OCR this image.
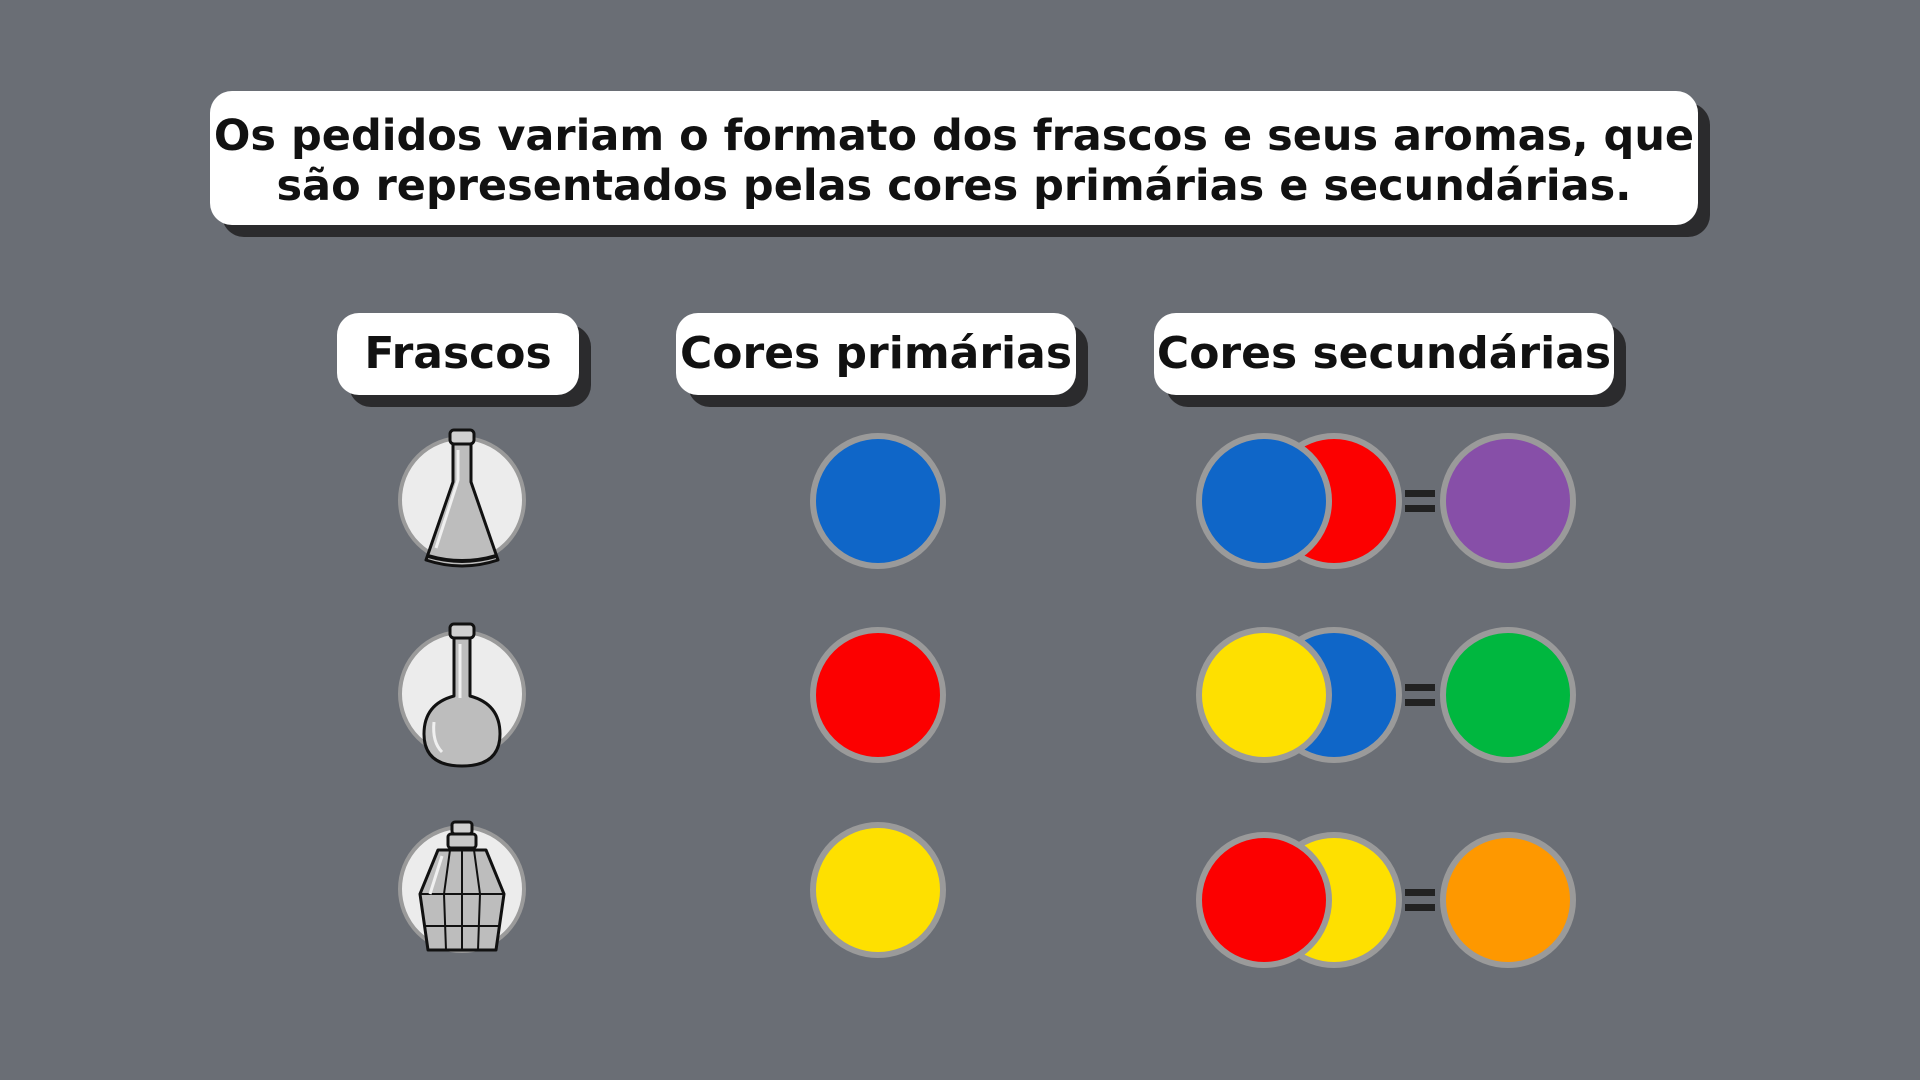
Os pedidos variam o formato dos frascos e seus aromas, que são representados pelas cores primárias e secundárias.
Frascos	Cores primárias Cores secundárias
